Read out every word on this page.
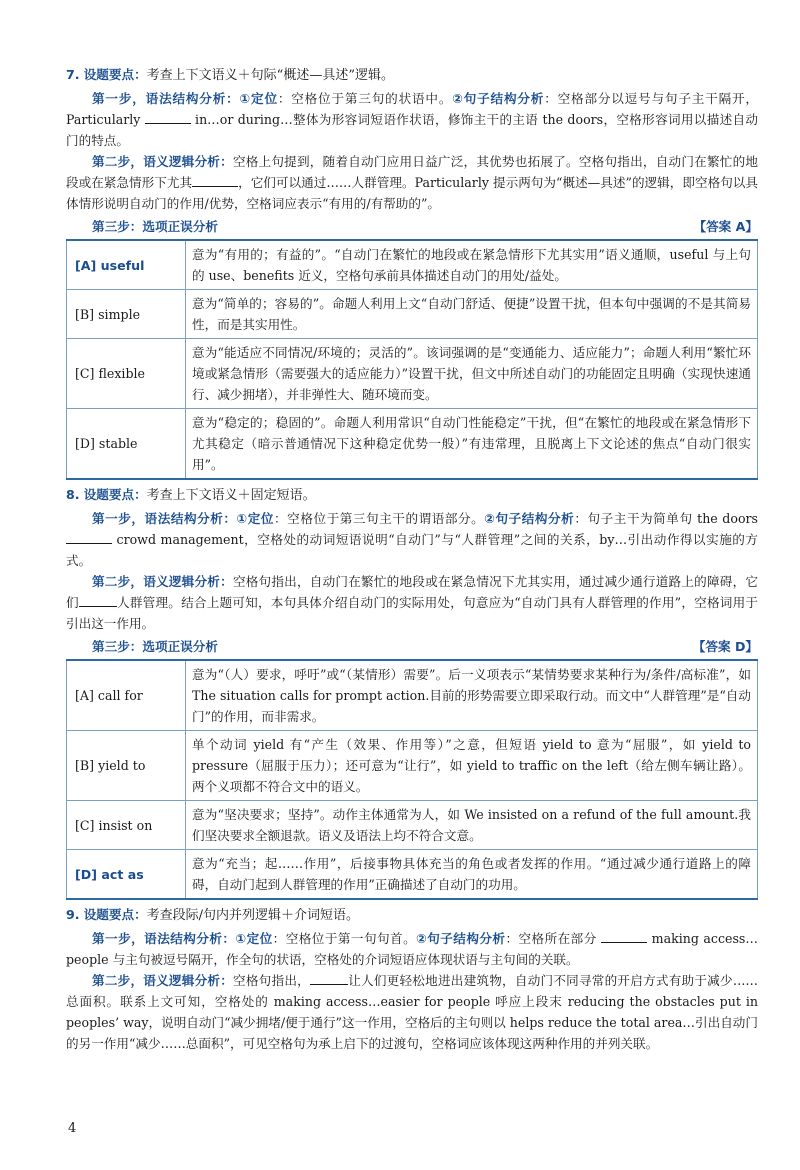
7. 设题要点：考查上下文语义＋句际“概述—具述”逻辑。

第一步，语法结构分析：①定位：空格位于第三句的状语中。②句子结构分析：空格部分以逗号与句子主干隔开，Particularly	in…or during…整体为形容词短语作状语，修饰主干的主语 the doors，空格形容词用以描述自动门的特点。

第二步，语义逻辑分析：空格上句提到，随着自动门应用日益广泛，其优势也拓展了。空格句指出，自动门在繁忙的地段或在紧急情形下尤其	，它们可以通过……人群管理。Particularly 提示两句为“概述—具述”的逻辑，即空格句以具体情形说明自动门的作用/优势，空格词应表示“有用的/有帮助的”。

第三步：选项正误分析	【答案 A】
[A] useful	意为“有用的；有益的”。“自动门在繁忙的地段或在紧急情形下尤其实用”语义通顺，useful 与上句的 use、benefits 近义，空格句承前具体描述自动门的用处/益处。
[B] simple	意为“简单的；容易的”。命题人利用上文“自动门舒适、便捷”设置干扰，但本句中强调的不是其简易性，而是其实用性。
[C] flexible	意为“能适应不同情况/环境的；灵活的”。该词强调的是“变通能力、适应能力”；命题人利用“繁忙环境或紧急情形（需要强大的适应能力）”设置干扰，但文中所述自动门的功能固定且明确（实现快速通行、减少拥堵），并非弹性大、随环境而变。
[D] stable	意为“稳定的；稳固的”。命题人利用常识“自动门性能稳定”干扰，但“在繁忙的地段或在紧急情形下尤其稳定（暗示普通情况下这种稳定优势一般）”有违常理，且脱离上下文论述的焦点“自动门很实用”。
8. 设题要点：考查上下文语义＋固定短语。

第一步，语法结构分析：①定位：空格位于第三句主干的谓语部分。②句子结构分析：句子主干为简单句 the doors  crowd management，空格处的动词短语说明“自动门”与“人群管理”之间的关系，by…引出动作得以实施的方式。

第二步，语义逻辑分析：空格句指出，自动门在繁忙的地段或在紧急情况下尤其实用，通过减少通行道路上的障碍，它们	人群管理。结合上题可知，本句具体介绍自动门的实际用处，句意应为“自动门具有人群管理的作用”，空格词用于引出这一作用。

第三步：选项正误分析	【答案 D】
[A] call for	意为“（人）要求，呼吁”或“（某情形）需要”。后一义项表示“某情势要求某种行为/条件/高标准”，如 The situation calls for prompt action.目前的形势需要立即采取行动。而文中“人群管理”是“自动门”的作用，而非需求。
[B] yield to	单个动词 yield 有“产生（效果、作用等）”之意，但短语 yield to 意为“屈服”，如 yield to pressure（屈服于压力）；还可意为“让行”，如 yield to traffic on the left（给左侧车辆让路）。两个义项都不符合文中的语义。
[C] insist on	意为“坚决要求；坚持”。动作主体通常为人，如 We insisted on a refund of the full amount.我们坚决要求全额退款。语义及语法上均不符合文意。
[D] act as	意为“充当；起……作用”，后接事物具体充当的角色或者发挥的作用。“通过减少通行道路上的障碍，自动门起到人群管理的作用”正确描述了自动门的功用。
9. 设题要点：考查段际/句内并列逻辑＋介词短语。

第一步，语法结构分析：①定位：空格位于第一句句首。②句子结构分析：空格所在部分	making access…people 与主句被逗号隔开，作全句的状语，空格处的介词短语应体现状语与主句间的关联。

第二步，语义逻辑分析：空格句指出，	让人们更轻松地进出建筑物，自动门不同寻常的开启方式有助于减少……总面积。联系上文可知，空格处的 making access…easier for people 呼应上段末 reducing the obstacles put in peoples’ way，说明自动门“减少拥堵/便于通行”这一作用，空格后的主句则以 helps reduce the total area…引出自动门的另一作用“减少……总面积”，可见空格句为承上启下的过渡句，空格词应该体现这两种作用的并列关联。

4
